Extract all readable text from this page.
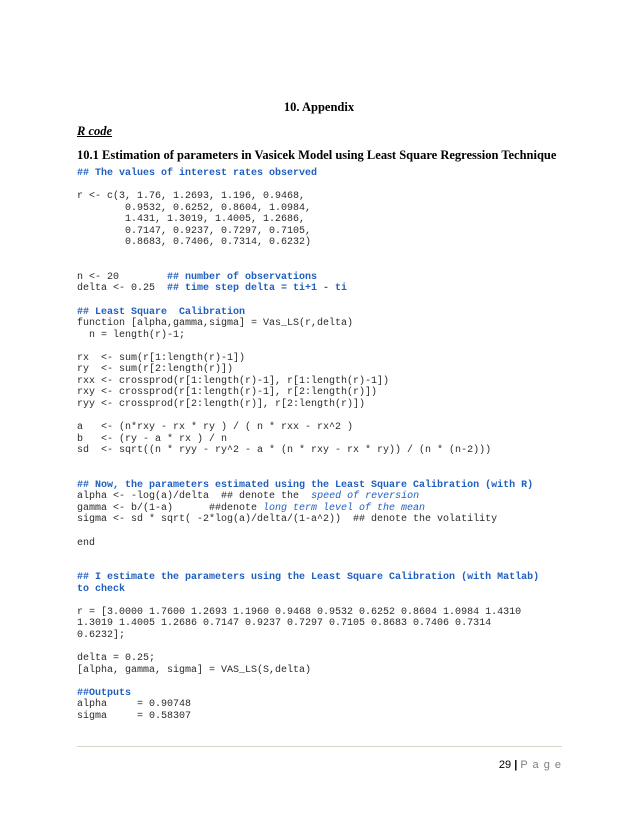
10. Appendix
R code
10.1 Estimation of parameters in Vasicek Model using Least Square Regression Technique
## The values of interest rates observed
r <- c(3, 1.76, 1.2693, 1.196, 0.9468,
0.9532, 0.6252, 0.8604, 1.0984,
1.431, 1.3019, 1.4005, 1.2686,
0.7147, 0.9237, 0.7297, 0.7105,
0.8683, 0.7406, 0.7314, 0.6232)
n <- 20	## number of observations
delta <- 0.25 ## time step delta = ti+1 - ti
## Least Square  Calibration
function [alpha,gamma,sigma] = Vas_LS(r,delta)
n = length(r)-1;
rx  <- sum(r[1:length(r)-1])
ry  <- sum(r[2:length(r)])
rxx <- crossprod(r[1:length(r)-1], r[1:length(r)-1])
rxy <- crossprod(r[1:length(r)-1], r[2:length(r)])
ryy <- crossprod(r[2:length(r)], r[2:length(r)])
a   <- (n*rxy - rx * ry ) / ( n * rxx - rx^2 )
b   <- (ry - a * rx ) / n
sd  <- sqrt((n * ryy - ry^2 - a * (n * rxy - rx * ry)) / (n * (n-2)))
## Now, the parameters estimated using the Least Square Calibration (with R)
alpha <- -log(a)/delta  ## denote the  speed of reversion
gamma <- b/(1-a)      ##denote long term level of the mean
sigma <- sd * sqrt( -2*log(a)/delta/(1-a^2))  ## denote the volatility
end
## I estimate the parameters using the Least Square Calibration (with Matlab)
to check
r = [3.0000 1.7600 1.2693 1.1960 0.9468 0.9532 0.6252 0.8604 1.0984 1.4310
1.3019 1.4005 1.2686 0.7147 0.9237 0.7297 0.7105 0.8683 0.7406 0.7314
0.6232];
delta = 0.25;
[alpha, gamma, sigma] = VAS_LS(S,delta)
##Outputs
alpha     = 0.90748
sigma     = 0.58307
29 | P a g e
